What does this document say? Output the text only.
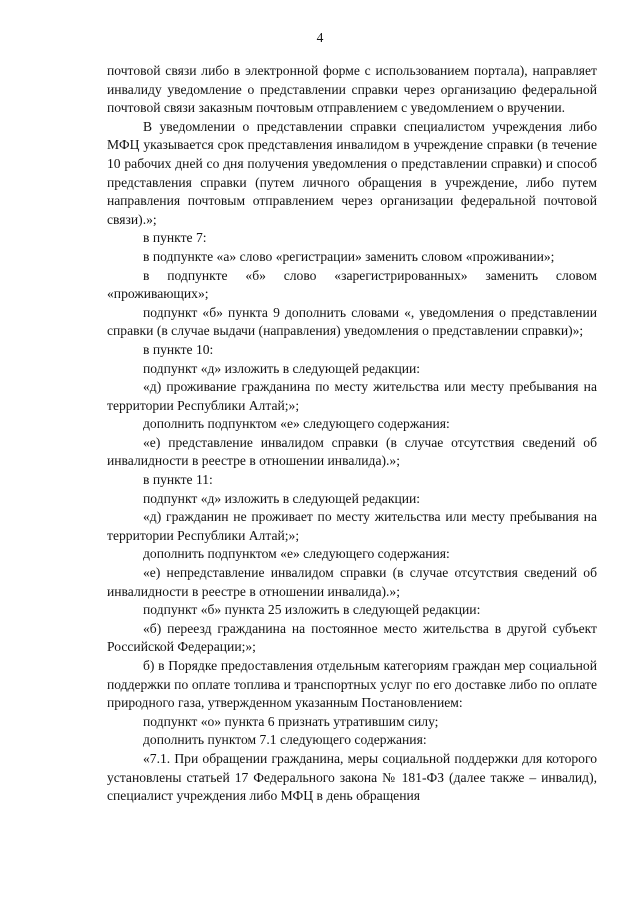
4

почтовой связи либо в электронной форме с использованием портала), направляет инвалиду уведомление о представлении справки через организацию федеральной почтовой связи заказным почтовым отправлением с уведомлением о вручении.

В уведомлении о представлении справки специалистом учреждения либо МФЦ указывается срок представления инвалидом в учреждение справки (в течение 10 рабочих дней со дня получения уведомления о представлении справки) и способ представления справки (путем личного обращения в учреждение, либо путем направления почтовым отправлением через организации федеральной почтовой связи).»;

в пункте 7:

в подпункте «а» слово «регистрации» заменить словом «проживании»;

в подпункте «б» слово «зарегистрированных» заменить словом «проживающих»;

подпункт «б» пункта 9 дополнить словами «, уведомления о представлении справки (в случае выдачи (направления) уведомления о представлении справки)»;

в пункте 10:

подпункт «д» изложить в следующей редакции:

«д) проживание гражданина по месту жительства или месту пребывания на территории Республики Алтай;»;

дополнить подпунктом «е» следующего содержания:

«е) представление инвалидом справки (в случае отсутствия сведений об инвалидности в реестре в отношении инвалида).»;

в пункте 11:

подпункт «д» изложить в следующей редакции:

«д) гражданин не проживает по месту жительства или месту пребывания на территории Республики Алтай;»;

дополнить подпунктом «е» следующего содержания:

«е) непредставление инвалидом справки (в случае отсутствия сведений об инвалидности в реестре в отношении инвалида).»;

подпункт «б» пункта 25 изложить в следующей редакции:

«б) переезд гражданина на постоянное место жительства в другой субъект Российской Федерации;»;

б) в Порядке предоставления отдельным категориям граждан мер социальной поддержки по оплате топлива и транспортных услуг по его доставке либо по оплате природного газа, утвержденном указанным Постановлением:

подпункт «о» пункта 6 признать утратившим силу;

дополнить пунктом 7.1 следующего содержания:

«7.1. При обращении гражданина, меры социальной поддержки для которого установлены статьей 17 Федерального закона № 181-ФЗ (далее также – инвалид), специалист учреждения либо МФЦ в день обращения
